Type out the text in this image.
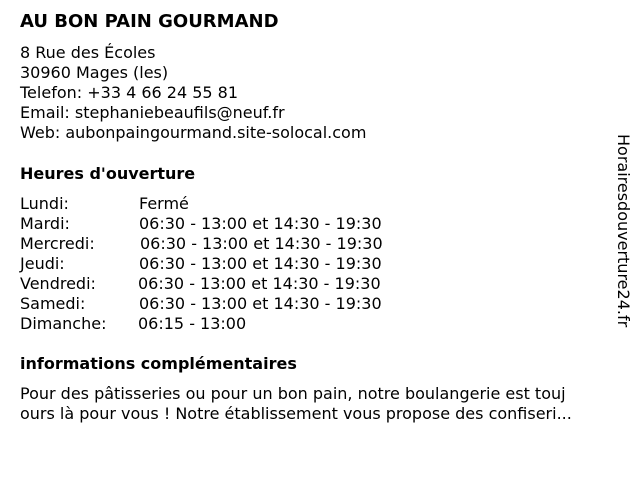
AU BON PAIN GOURMAND
8 Rue des Écoles
30960 Mages (les)
Telefon: +33 4 66 24 55 81
Email: stephaniebeaufils@neuf.fr
Web: aubonpaingourmand.site-solocal.com
Heures d'ouverture
Lundi:	Fermé
Mardi:	06:30 - 13:00 et 14:30 - 19:30
Mercredi:	06:30 - 13:00 et 14:30 - 19:30
Jeudi:	06:30 - 13:00 et 14:30 - 19:30
Vendredi:	06:30 - 13:00 et 14:30 - 19:30
Samedi:	06:30 - 13:00 et 14:30 - 19:30
Dimanche: 06:15 - 13:00
informations complémentaires
Pour des pâtisseries ou pour un bon pain, notre boulangerie est touj
ours là pour vous ! Notre établissement vous propose des confiseri...
Horairesdouverture24.fr
